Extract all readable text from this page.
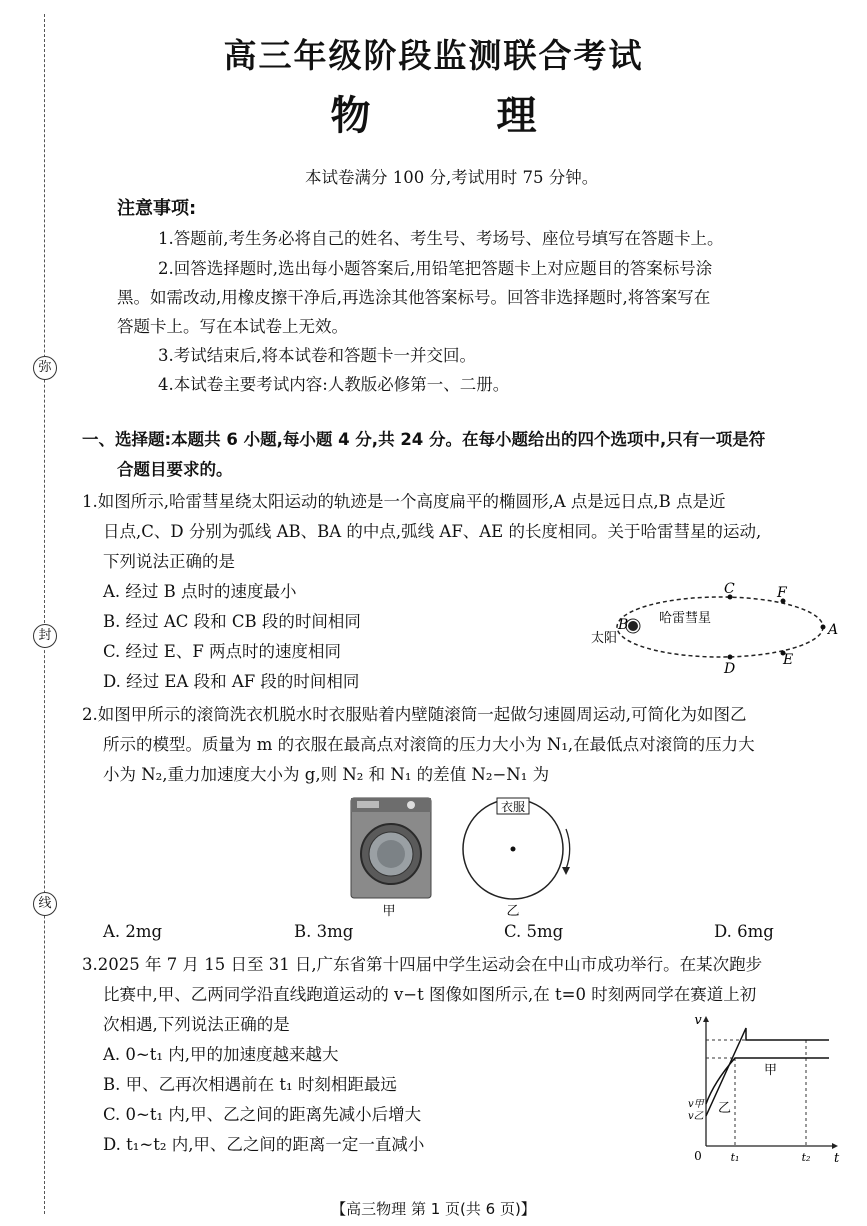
弥
封
线
高三年级阶段监测联合考试
物 理
本试卷满分 100 分,考试用时 75 分钟。
注意事项:
1.答题前,考生务必将自己的姓名、考生号、考场号、座位号填写在答题卡上。
2.回答选择题时,选出每小题答案后,用铅笔把答题卡上对应题目的答案标号涂
黑。如需改动,用橡皮擦干净后,再选涂其他答案标号。回答非选择题时,将答案写在
答题卡上。写在本试卷上无效。
3.考试结束后,将本试卷和答题卡一并交回。
4.本试卷主要考试内容:人教版必修第一、二册。
一、选择题:本题共 6 小题,每小题 4 分,共 24 分。在每小题给出的四个选项中,只有一项是符
合题目要求的。
1.如图所示,哈雷彗星绕太阳运动的轨迹是一个高度扁平的椭圆形,A 点是远日点,B 点是近
日点,C、D 分别为弧线 AB、BA 的中点,弧线 AF、AE 的长度相同。关于哈雷彗星的运动,
下列说法正确的是
A. 经过 B 点时的速度最小
B. 经过 AC 段和 CB 段的时间相同
C. 经过 E、F 两点时的速度相同
D. 经过 EA 段和 AF 段的时间相同
B
太阳
哈雷彗星
C	F
A
E
D
2.如图甲所示的滚筒洗衣机脱水时衣服贴着内壁随滚筒一起做匀速圆周运动,可简化为如图乙
所示的模型。质量为 m 的衣服在最高点对滚筒的压力大小为 N₁,在最低点对滚筒的压力大
小为 N₂,重力加速度大小为 g,则 N₂ 和 N₁ 的差值 N₂−N₁ 为
甲
衣服
乙
A. 2mg	B. 3mg	C. 5mg	D. 6mg
3.2025 年 7 月 15 日至 31 日,广东省第十四届中学生运动会在中山市成功举行。在某次跑步
比赛中,甲、乙两同学沿直线跑道运动的 v−t 图像如图所示,在 t=0 时刻两同学在赛道上初
次相遇,下列说法正确的是
A. 0~t₁ 内,甲的加速度越来越大
B. 甲、乙再次相遇前在 t₁ 时刻相距最远
C. 0~t₁ 内,甲、乙之间的距离先减小后增大
D. t₁~t₂ 内,甲、乙之间的距离一定一直减小
v
t
0	t₁	t₂
v甲
v乙
甲
乙
【高三物理 第 1 页(共 6 页)】
